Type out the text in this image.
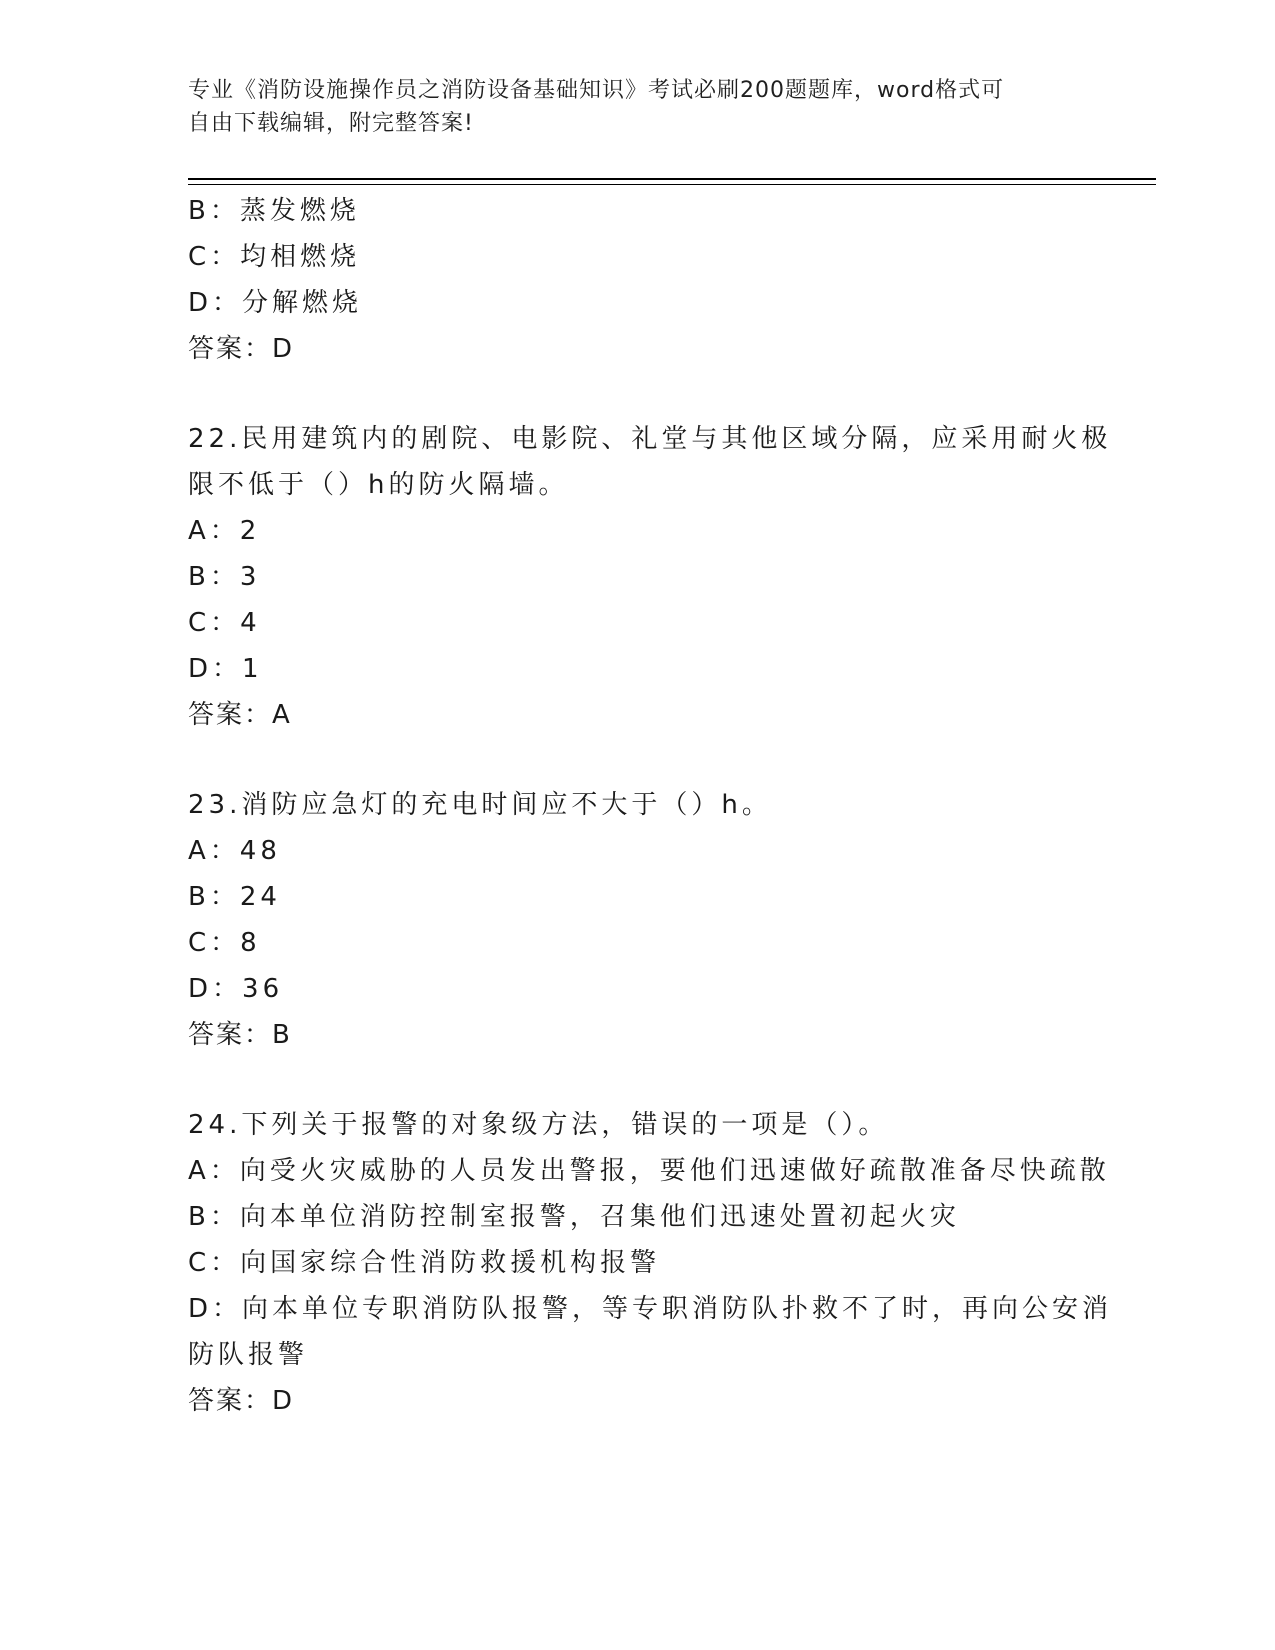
专业《消防设施操作员之消防设备基础知识》考试必刷200题题库，word格式可
自由下载编辑，附完整答案!
B：蒸发燃烧
C：均相燃烧
D：分解燃烧
答案：D
22.民用建筑内的剧院、电影院、礼堂与其他区域分隔，应采用耐火极
限不低于（）h的防火隔墙。
A：2
B：3
C：4
D：1
答案：A
23.消防应急灯的充电时间应不大于（）h。
A：48
B：24
C：8
D：36
答案：B
24.下列关于报警的对象级方法，错误的一项是（）。
A：向受火灾威胁的人员发出警报，要他们迅速做好疏散准备尽快疏散
B：向本单位消防控制室报警，召集他们迅速处置初起火灾
C：向国家综合性消防救援机构报警
D：向本单位专职消防队报警，等专职消防队扑救不了时，再向公安消
防队报警
答案：D
